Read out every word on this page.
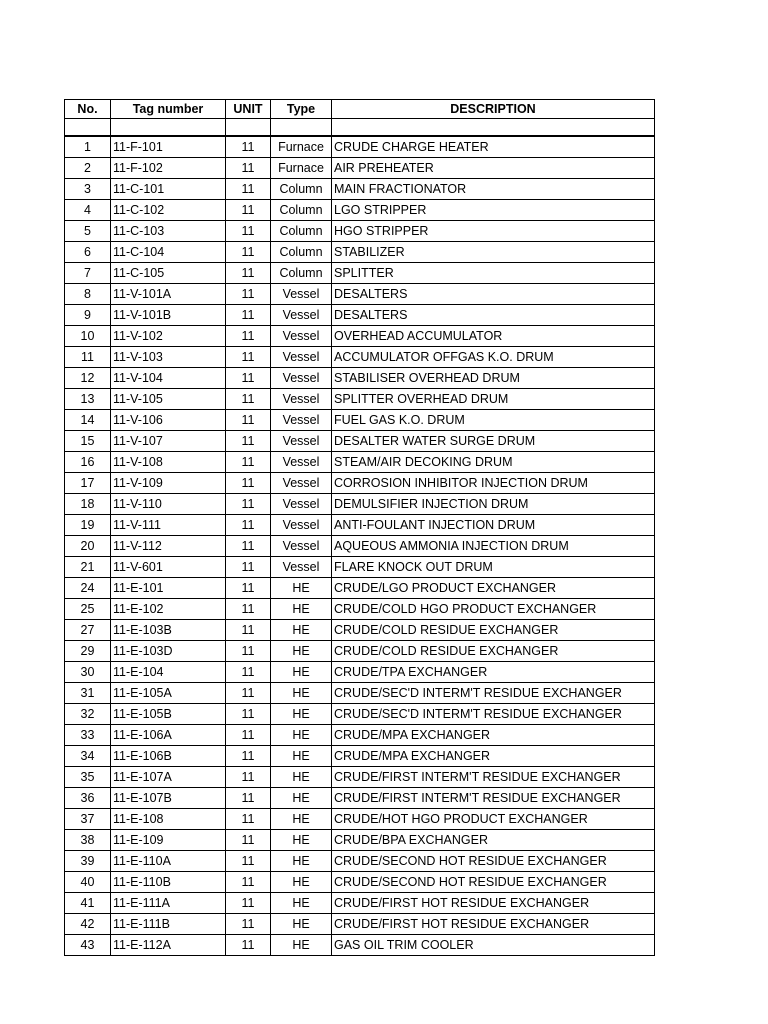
No.	Tag number	UNIT	Type	DESCRIPTION

1	11-F-101	11	Furnace	CRUDE CHARGE HEATER
2	11-F-102	11	Furnace	AIR PREHEATER
3	11-C-101	11	Column	MAIN FRACTIONATOR
4	11-C-102	11	Column	LGO STRIPPER
5	11-C-103	11	Column	HGO STRIPPER
6	11-C-104	11	Column	STABILIZER
7	11-C-105	11	Column	SPLITTER
8	11-V-101A	11	Vessel	DESALTERS
9	11-V-101B	11	Vessel	DESALTERS
10	11-V-102	11	Vessel	OVERHEAD ACCUMULATOR
11	11-V-103	11	Vessel	ACCUMULATOR OFFGAS K.O. DRUM
12	11-V-104	11	Vessel	STABILISER OVERHEAD DRUM
13	11-V-105	11	Vessel	SPLITTER OVERHEAD DRUM
14	11-V-106	11	Vessel	FUEL GAS K.O. DRUM
15	11-V-107	11	Vessel	DESALTER WATER SURGE DRUM
16	11-V-108	11	Vessel	STEAM/AIR DECOKING DRUM
17	11-V-109	11	Vessel	CORROSION INHIBITOR INJECTION DRUM
18	11-V-110	11	Vessel	DEMULSIFIER INJECTION DRUM
19	11-V-111	11	Vessel	ANTI-FOULANT INJECTION DRUM
20	11-V-112	11	Vessel	AQUEOUS AMMONIA INJECTION DRUM
21	11-V-601	11	Vessel	FLARE KNOCK OUT DRUM
24	11-E-101	11	HE	CRUDE/LGO PRODUCT EXCHANGER
25	11-E-102	11	HE	CRUDE/COLD HGO PRODUCT EXCHANGER
27	11-E-103B	11	HE	CRUDE/COLD RESIDUE EXCHANGER
29	11-E-103D	11	HE	CRUDE/COLD RESIDUE EXCHANGER
30	11-E-104	11	HE	CRUDE/TPA EXCHANGER
31	11-E-105A	11	HE	CRUDE/SEC'D INTERM'T RESIDUE EXCHANGER
32	11-E-105B	11	HE	CRUDE/SEC'D INTERM'T RESIDUE EXCHANGER
33	11-E-106A	11	HE	CRUDE/MPA EXCHANGER
34	11-E-106B	11	HE	CRUDE/MPA EXCHANGER
35	11-E-107A	11	HE	CRUDE/FIRST INTERM'T RESIDUE EXCHANGER
36	11-E-107B	11	HE	CRUDE/FIRST INTERM'T RESIDUE EXCHANGER
37	11-E-108	11	HE	CRUDE/HOT HGO PRODUCT EXCHANGER
38	11-E-109	11	HE	CRUDE/BPA EXCHANGER
39	11-E-110A	11	HE	CRUDE/SECOND HOT RESIDUE EXCHANGER
40	11-E-110B	11	HE	CRUDE/SECOND HOT RESIDUE EXCHANGER
41	11-E-111A	11	HE	CRUDE/FIRST HOT RESIDUE EXCHANGER
42	11-E-111B	11	HE	CRUDE/FIRST HOT RESIDUE EXCHANGER
43	11-E-112A	11	HE	GAS OIL TRIM COOLER
